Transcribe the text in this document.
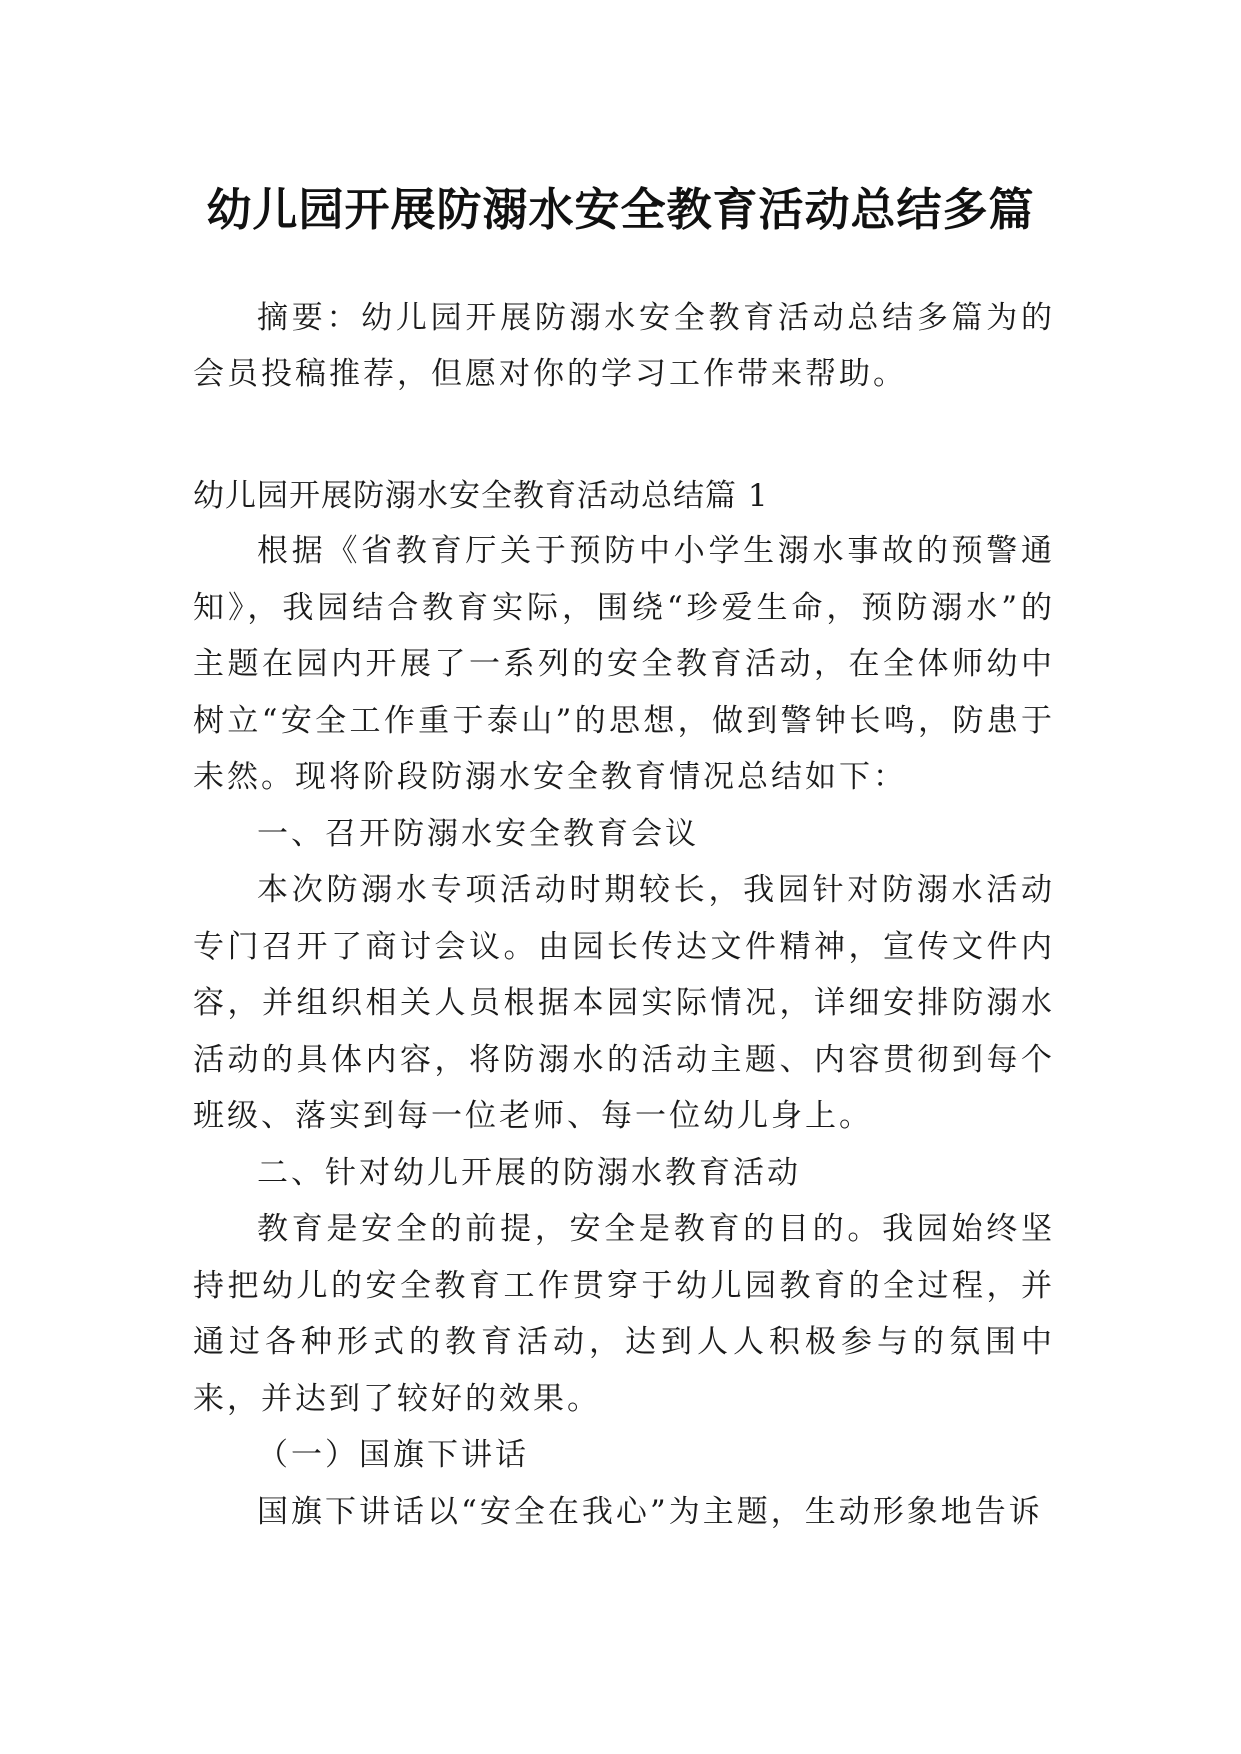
幼儿园开展防溺水安全教育活动总结多篇

摘要：幼儿园开展防溺水安全教育活动总结多篇为的会员投稿推荐，但愿对你的学习工作带来帮助。

幼儿园开展防溺水安全教育活动总结篇 1

根据《省教育厅关于预防中小学生溺水事故的预警通知》，我园结合教育实际，围绕“珍爱生命，预防溺水”的主题在园内开展了一系列的安全教育活动，在全体师幼中树立“安全工作重于泰山”的思想，做到警钟长鸣，防患于未然。现将阶段防溺水安全教育情况总结如下：

一、召开防溺水安全教育会议

本次防溺水专项活动时期较长，我园针对防溺水活动专门召开了商讨会议。由园长传达文件精神，宣传文件内容，并组织相关人员根据本园实际情况，详细安排防溺水活动的具体内容，将防溺水的活动主题、内容贯彻到每个班级、落实到每一位老师、每一位幼儿身上。

二、针对幼儿开展的防溺水教育活动

教育是安全的前提，安全是教育的目的。我园始终坚持把幼儿的安全教育工作贯穿于幼儿园教育的全过程，并通过各种形式的教育活动，达到人人积极参与的氛围中来，并达到了较好的效果。

（一）国旗下讲话

国旗下讲话以“安全在我心”为主题，生动形象地告诉
